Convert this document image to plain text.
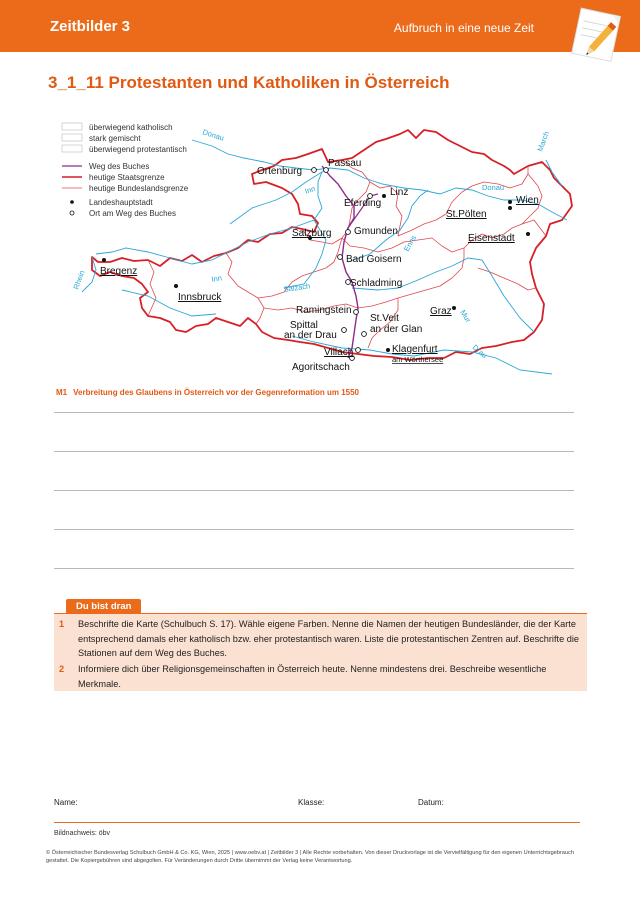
Zeitbilder 3	Aufbruch in eine neue Zeit
3_1_11 Protestanten und Katholiken in Österreich
überwiegend katholisch
stark gemischt
überwiegend protestantisch
Weg des Buches
heutige Staatsgrenze
heutige Bundeslandsgrenze
Landeshauptstadt
Ort am Weg des Buches
Donau
Donau
March
Inn
Inn
Rhein	Salzach
Enns
Mur
Drau
Ortenburg
Passau
Linz
Eferding	Wien
St.Pölten
Eisenstadt
Salzburg Gmunden
Bad Goisern
Bregenz
Innsbruck
Schladming
Graz
Ramingstein
Spittal
an der Drau
St.Veit
an der Glan
Klagenfurt
am Wörthersee
Villach
Agoritschach
M1 Verbreitung des Glaubens in Österreich vor der Gegenreformation um 1550
Du bist dran
1 Beschrifte die Karte (Schulbuch S. 17). Wähle eigene Farben. Nenne die Namen der heutigen Bundesländer, die der Karte entsprechend damals eher katholisch bzw. eher protestantisch waren. Liste die protestantischen Zentren auf. Beschrifte die Stationen auf dem Weg des Buches.
2 Informiere dich über Religionsgemeinschaften in Österreich heute. Nenne mindestens drei. Beschreibe wesentliche Merkmale.
Name:	Klasse:	Datum:
Bildnachweis: öbv
© Österreichischer Bundesverlag Schulbuch GmbH & Co. KG, Wien, 2025 | www.oebv.at | Zeitbilder 3 | Alle Rechte vorbehalten. Von dieser Druckvorlage ist die Vervielfältigung für den eigenen Unterrichtsgebrauch gestattet. Die Kopiergebühren sind abgegolten. Für Veränderungen durch Dritte übernimmt der Verlag keine Verantwortung.
